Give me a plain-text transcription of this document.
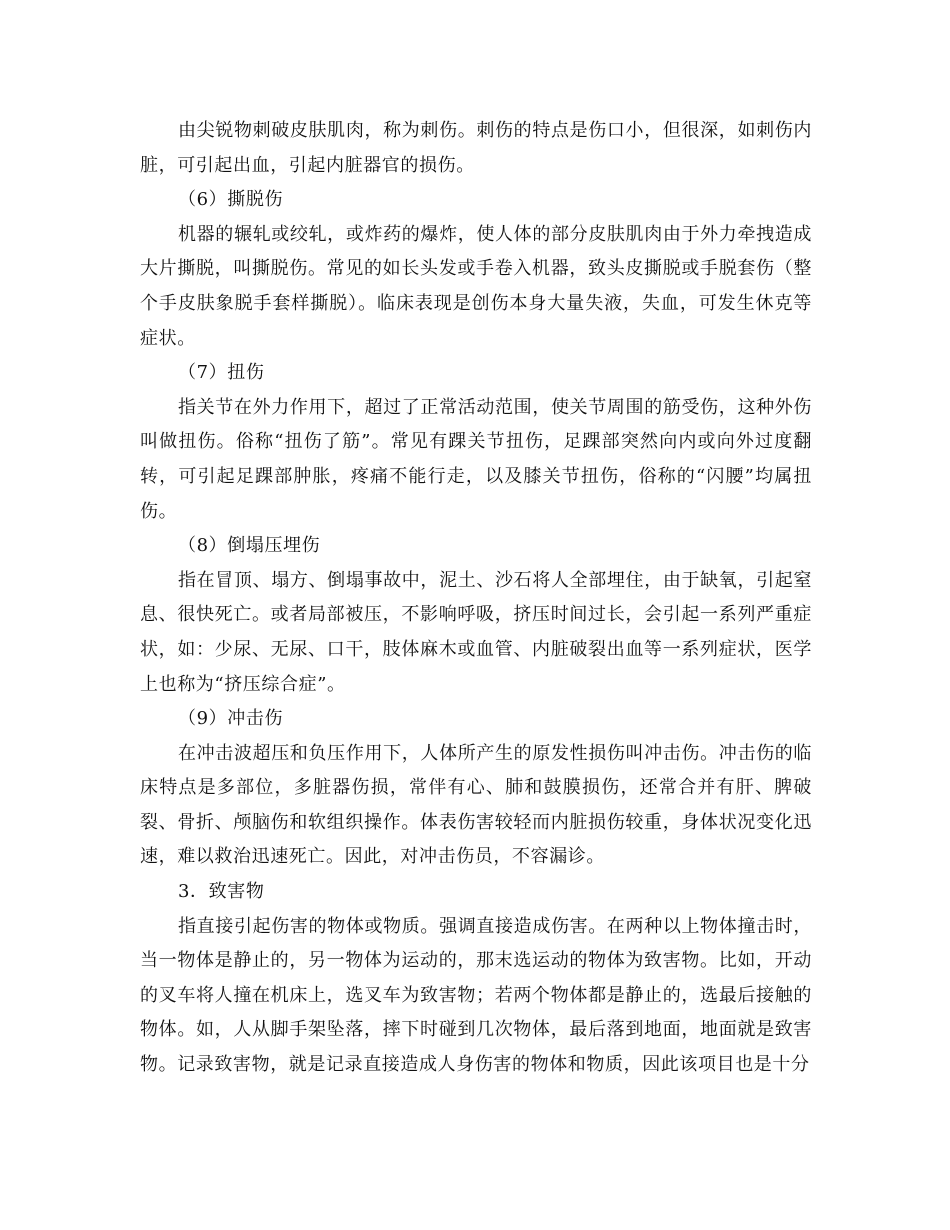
由尖锐物刺破皮肤肌肉，称为刺伤。刺伤的特点是伤口小，但很深，如刺伤内脏，可引起出血，引起内脏器官的损伤。

（6）撕脱伤

机器的辗轧或绞轧，或炸药的爆炸，使人体的部分皮肤肌肉由于外力牵拽造成大片撕脱，叫撕脱伤。常见的如长头发或手卷入机器，致头皮撕脱或手脱套伤（整个手皮肤象脱手套样撕脱）。临床表现是创伤本身大量失液，失血，可发生休克等症状。

（7）扭伤

指关节在外力作用下，超过了正常活动范围，使关节周围的筋受伤，这种外伤叫做扭伤。俗称“扭伤了筋”。常见有踝关节扭伤，足踝部突然向内或向外过度翻转，可引起足踝部肿胀，疼痛不能行走，以及膝关节扭伤，俗称的“闪腰”均属扭伤。

（8）倒塌压埋伤

指在冒顶、塌方、倒塌事故中，泥土、沙石将人全部埋住，由于缺氧，引起窒息、很快死亡。或者局部被压，不影响呼吸，挤压时间过长，会引起一系列严重症状，如：少尿、无尿、口干，肢体麻木或血管、内脏破裂出血等一系列症状，医学上也称为“挤压综合症”。

（9）冲击伤

在冲击波超压和负压作用下，人体所产生的原发性损伤叫冲击伤。冲击伤的临床特点是多部位，多脏器伤损，常伴有心、肺和鼓膜损伤，还常合并有肝、脾破裂、骨折、颅脑伤和软组织操作。体表伤害较轻而内脏损伤较重，身体状况变化迅速，难以救治迅速死亡。因此，对冲击伤员，不容漏诊。

3．致害物

指直接引起伤害的物体或物质。强调直接造成伤害。在两种以上物体撞击时，当一物体是静止的，另一物体为运动的，那末选运动的物体为致害物。比如，开动的叉车将人撞在机床上，选叉车为致害物；若两个物体都是静止的，选最后接触的物体。如，人从脚手架坠落，摔下时碰到几次物体，最后落到地面，地面就是致害物。记录致害物，就是记录直接造成人身伤害的物体和物质，因此该项目也是十分
